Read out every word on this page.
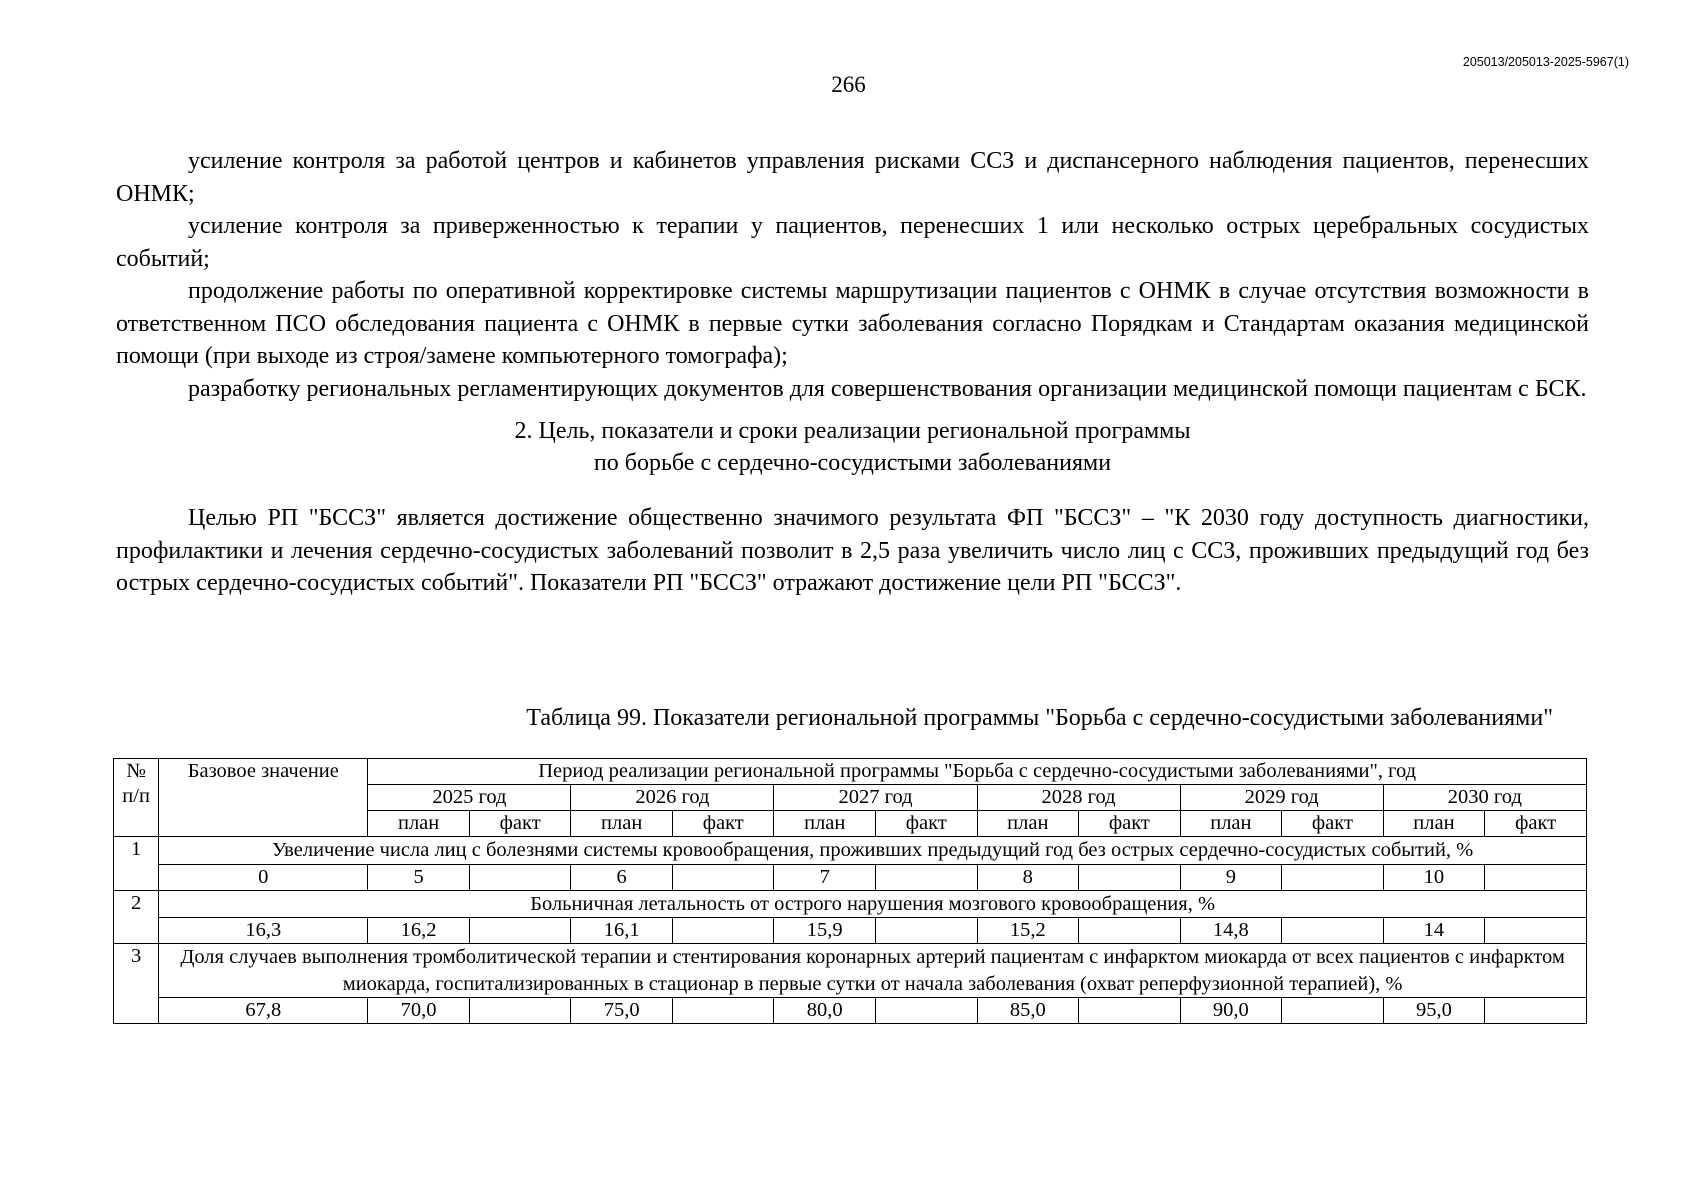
205013/205013-2025-5967(1)
266

усиление контроля за работой центров и кабинетов управления рисками ССЗ и диспансерного наблюдения пациентов, перенесших ОНМК;

усиление контроля за приверженностью к терапии у пациентов, перенесших 1 или несколько острых церебральных сосудистых событий;

продолжение работы по оперативной корректировке системы маршрутизации пациентов с ОНМК в случае отсутствия возможности в ответственном ПСО обследования пациента с ОНМК в первые сутки заболевания согласно Порядкам и Стандартам оказания медицинской помощи (при выходе из строя/замене компьютерного томографа);

разработку региональных регламентирующих документов для совершенствования организации медицинской помощи пациентам с БСК.

2. Цель, показатели и сроки реализации региональной программы
по борьбе с сердечно-сосудистыми заболеваниями

Целью РП "БССЗ" является достижение общественно значимого результата ФП "БССЗ" – "К 2030 году доступность диагностики, профилактики и лечения сердечно-сосудистых заболеваний позволит в 2,5 раза увеличить число лиц с ССЗ, проживших предыдущий год без острых сердечно-сосудистых событий". Показатели РП "БССЗ" отражают достижение цели РП "БССЗ".

Таблица 99. Показатели региональной программы "Борьба с сердечно-сосудистыми заболеваниями"
№ п/п	Базовое значение	Период реализации региональной программы "Борьба с сердечно-сосудистыми заболеваниями", год											
		2025 год		2026 год		2027 год		2028 год		2029 год		2030 год	
		план	факт	план	факт	план	факт	план	факт	план	факт	план	факт
1	Увеличение числа лиц с болезнями системы кровообращения, проживших предыдущий год без острых сердечно-сосудистых событий, %												
	0	5		6		7		8		9		10	
2	Больничная летальность от острого нарушения мозгового кровообращения, %												
	16,3	16,2		16,1		15,9		15,2		14,8		14	
3	Доля случаев выполнения тромболитической терапии и стентирования коронарных артерий пациентам с инфарктом миокарда от всех пациентов с инфарктом миокарда, госпитализированных в стационар в первые сутки от начала заболевания (охват реперфузионной терапией), %												
	67,8	70,0		75,0		80,0		85,0		90,0		95,0	
